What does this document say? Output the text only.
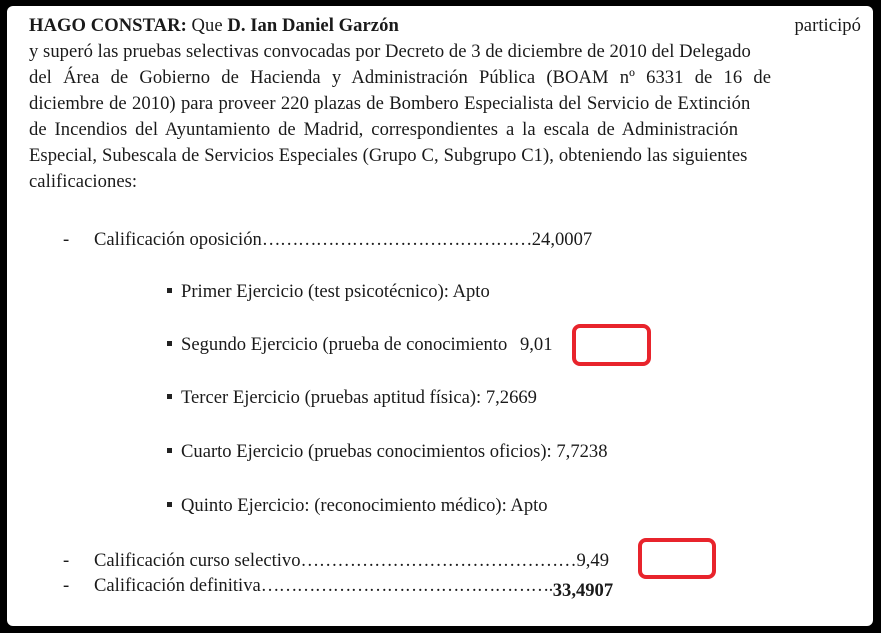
HAGO CONSTAR: Que D. Ian Daniel Garzón	participó
y superó las pruebas selectivas convocadas por Decreto de 3 de diciembre de 2010 del Delegado
del Área de Gobierno de Hacienda y Administración Pública (BOAM nº 6331 de 16 de
diciembre de 2010) para proveer 220 plazas de Bombero Especialista del Servicio de Extinción
de Incendios del Ayuntamiento de Madrid, correspondientes a la escala de Administración
Especial, Subescala de Servicios Especiales (Grupo C, Subgrupo C1), obteniendo las siguientes
calificaciones:
- Calificación oposición………………………………………24,0007
Primer Ejercicio (test psicotécnico): Apto
Segundo Ejercicio (prueba de conocimiento 9,01
Tercer Ejercicio (pruebas aptitud física): 7,2669
Cuarto Ejercicio (pruebas conocimientos oficios): 7,7238
Quinto Ejercicio: (reconocimiento médico): Apto
- Calificación curso selectivo………………………………………9,49
- Calificación definitiva………………………………………….33,4907
